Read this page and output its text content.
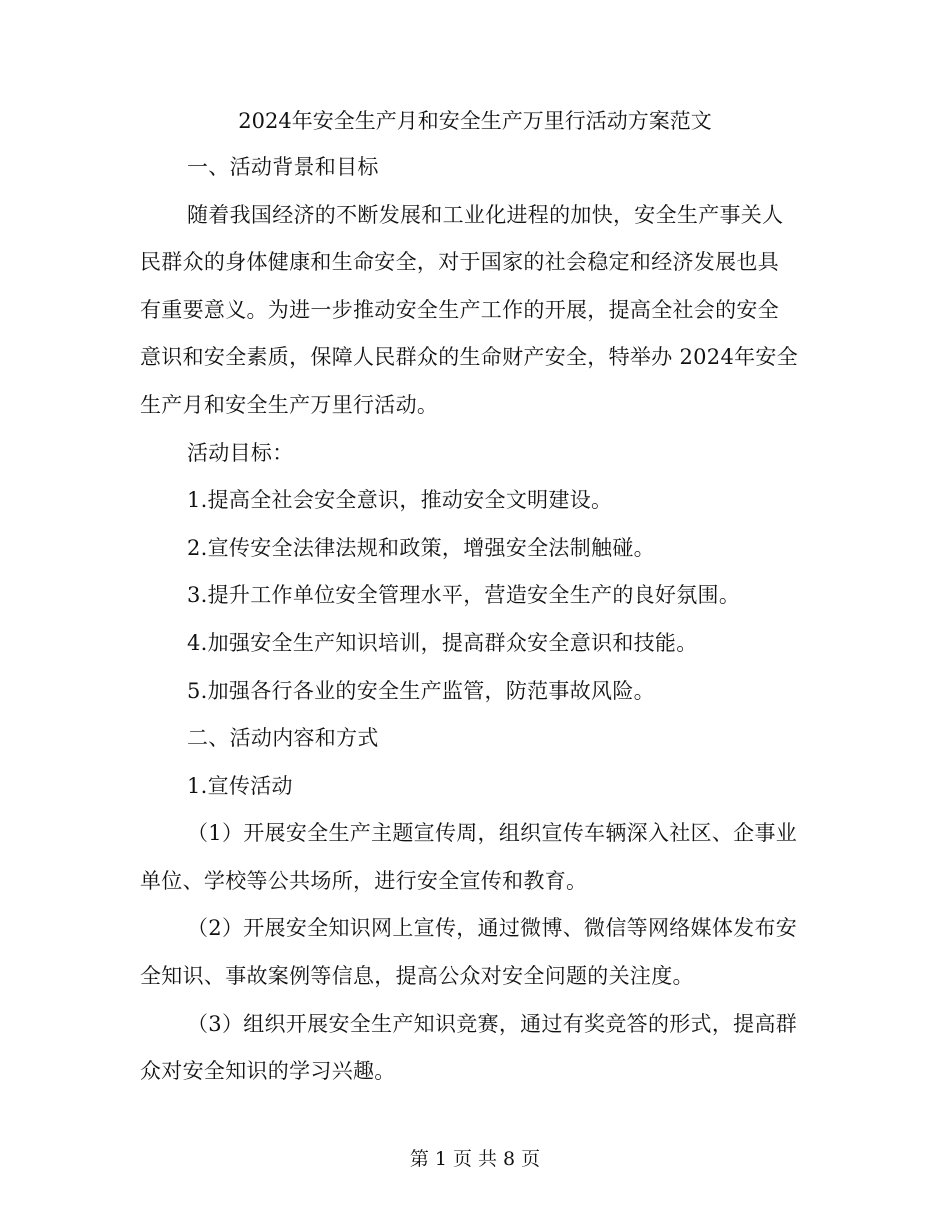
2024年安全生产月和安全生产万里行活动方案范文
一、活动背景和目标
随着我国经济的不断发展和工业化进程的加快，安全生产事关人
民群众的身体健康和生命安全，对于国家的社会稳定和经济发展也具
有重要意义。为进一步推动安全生产工作的开展，提高全社会的安全
意识和安全素质，保障人民群众的生命财产安全，特举办 2024年安全
生产月和安全生产万里行活动。
活动目标：
1.提高全社会安全意识，推动安全文明建设。
2.宣传安全法律法规和政策，增强安全法制触碰。
3.提升工作单位安全管理水平，营造安全生产的良好氛围。
4.加强安全生产知识培训，提高群众安全意识和技能。
5.加强各行各业的安全生产监管，防范事故风险。
二、活动内容和方式
1.宣传活动
（1）开展安全生产主题宣传周，组织宣传车辆深入社区、企事业
单位、学校等公共场所，进行安全宣传和教育。
（2）开展安全知识网上宣传，通过微博、微信等网络媒体发布安
全知识、事故案例等信息，提高公众对安全问题的关注度。
（3）组织开展安全生产知识竞赛，通过有奖竞答的形式，提高群
众对安全知识的学习兴趣。
第 1 页 共 8 页
